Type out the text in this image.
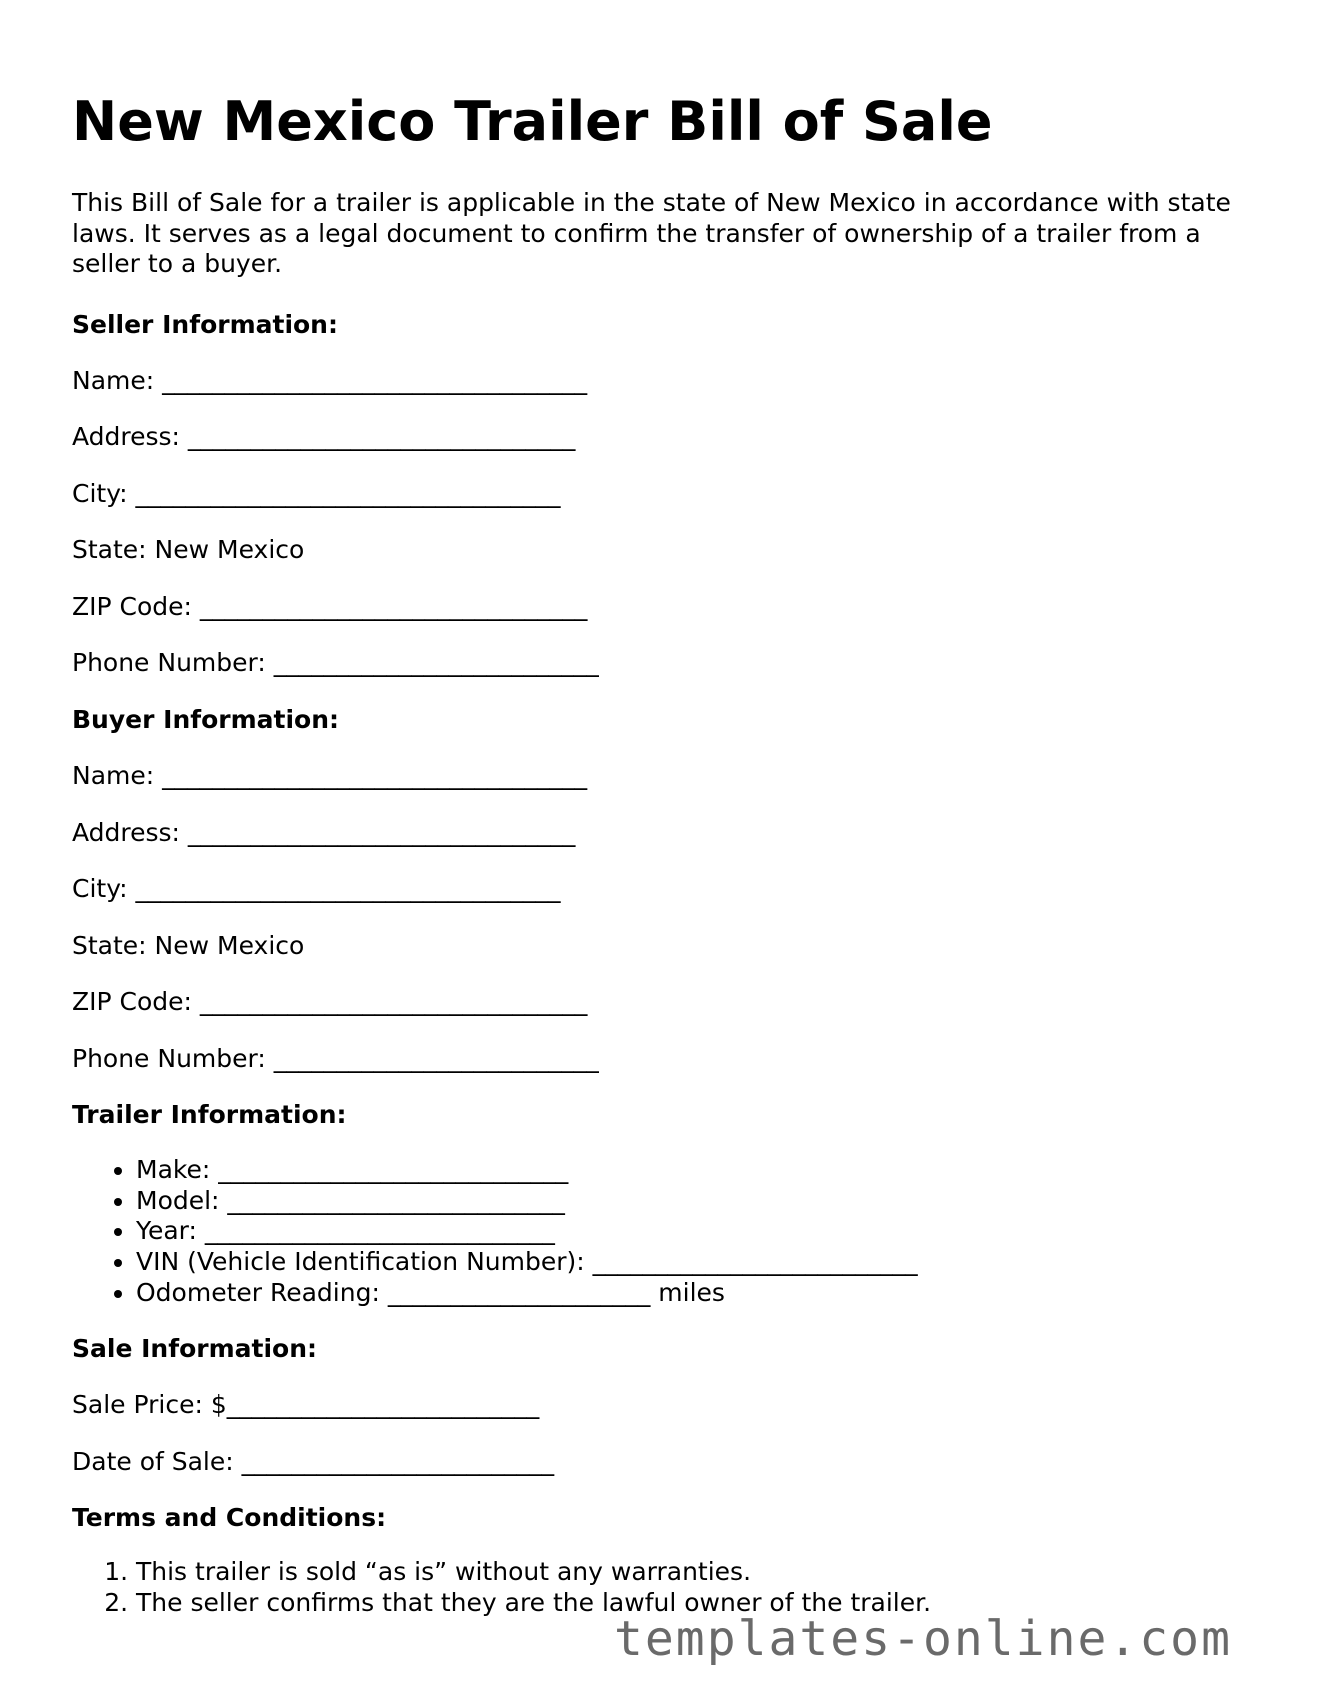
New Mexico Trailer Bill of Sale

This Bill of Sale for a trailer is applicable in the state of New Mexico in accordance with state laws. It serves as a legal document to confirm the transfer of ownership of a trailer from a seller to a buyer.

Seller Information:

Name: __________________________________

Address: _______________________________

City: __________________________________

State: New Mexico

ZIP Code: _______________________________

Phone Number: __________________________

Buyer Information:

Name: __________________________________

Address: _______________________________

City: __________________________________

State: New Mexico

ZIP Code: _______________________________

Phone Number: __________________________

Trailer Information:

• Make: ____________________________
• Model: ___________________________
• Year: ____________________________
• VIN (Vehicle Identification Number): __________________________
• Odometer Reading: _____________________ miles

Sale Information:

Sale Price: $_________________________

Date of Sale: _________________________

Terms and Conditions:

1. This trailer is sold “as is” without any warranties.
2. The seller confirms that they are the lawful owner of the trailer.
templates-online.com
